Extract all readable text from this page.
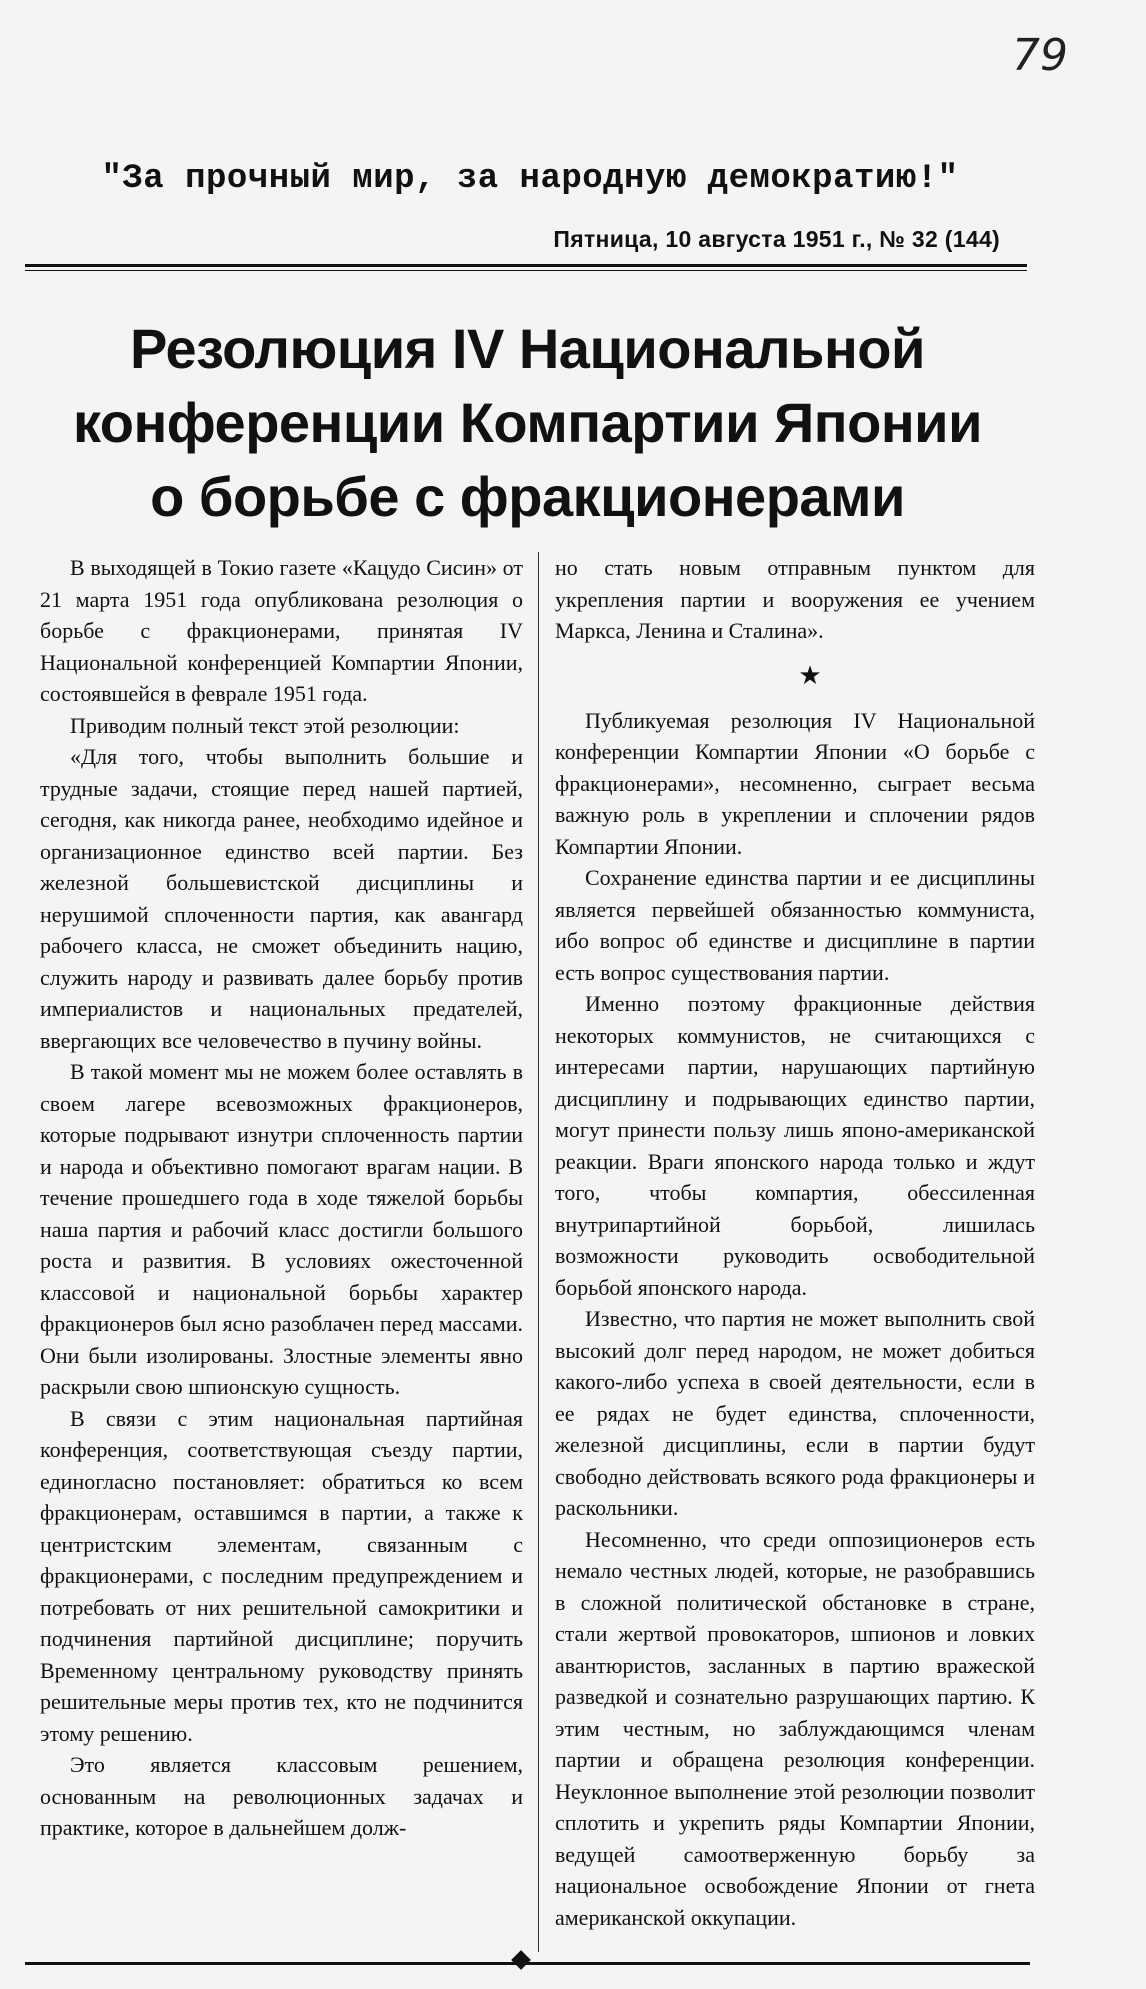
79
"За прочный мир, за народную демократию!"
Пятница, 10 августа 1951 г., № 32 (144)
Резолюция IV Национальной
конференции Компартии Японии
о борьбе с фракционерами

В выходящей в Токио газете «Кацудо Сисин» от 21 марта 1951 года опубликована резолюция о борьбе с фракционерами, принятая IV Национальной конференцией Компартии Японии, состоявшейся в феврале 1951 года.

Приводим полный текст этой резолюции:

«Для того, чтобы выполнить большие и трудные задачи, стоящие перед нашей партией, сегодня, как никогда ранее, необходимо идейное и организационное единство всей партии. Без железной большевистской дисциплины и нерушимой сплоченности партия, как авангард рабочего класса, не сможет объединить нацию, служить народу и развивать далее борьбу против империалистов и национальных предателей, ввергающих все человечество в пучину войны.

В такой момент мы не можем более оставлять в своем лагере всевозможных фракционеров, которые подрывают изнутри сплоченность партии и народа и объективно помогают врагам нации. В течение прошедшего года в ходе тяжелой борьбы наша партия и рабочий класс достигли большого роста и развития. В условиях ожесточенной классовой и национальной борьбы характер фракционеров был ясно разоблачен перед массами. Они были изолированы. Злостные элементы явно раскрыли свою шпионскую сущность.

В связи с этим национальная партийная конференция, соответствующая съезду партии, единогласно постановляет: обратиться ко всем фракционерам, оставшимся в партии, а также к центристским элементам, связанным с фракционерами, с последним предупреждением и потребовать от них решительной самокритики и подчинения партийной дисциплине; поручить Временному центральному руководству принять решительные меры против тех, кто не подчинится этому решению.

Это является классовым решением, основанным на революционных задачах и практике, которое в дальнейшем долж-

но стать новым отправным пунктом для укрепления партии и вооружения ее учением Маркса, Ленина и Сталина».

★

Публикуемая резолюция IV Национальной конференции Компартии Японии «О борьбе с фракционерами», несомненно, сыграет весьма важную роль в укреплении и сплочении рядов Компартии Японии.

Сохранение единства партии и ее дисциплины является первейшей обязанностью коммуниста, ибо вопрос об единстве и дисциплине в партии есть вопрос существования партии.

Именно поэтому фракционные действия некоторых коммунистов, не считающихся с интересами партии, нарушающих партийную дисциплину и подрывающих единство партии, могут принести пользу лишь японо-американской реакции. Враги японского народа только и ждут того, чтобы компартия, обессиленная внутрипартийной борьбой, лишилась возможности руководить освободительной борьбой японского народа.

Известно, что партия не может выполнить свой высокий долг перед народом, не может добиться какого-либо успеха в своей деятельности, если в ее рядах не будет единства, сплоченности, железной дисциплины, если в партии будут свободно действовать всякого рода фракционеры и раскольники.

Несомненно, что среди оппозиционеров есть немало честных людей, которые, не разобравшись в сложной политической обстановке в стране, стали жертвой провокаторов, шпионов и ловких авантюристов, засланных в партию вражеской разведкой и сознательно разрушающих партию. К этим честным, но заблуждающимся членам партии и обращена резолюция конференции. Неуклонное выполнение этой резолюции позволит сплотить и укрепить ряды Компартии Японии, ведущей самоотверженную борьбу за национальное освобождение Японии от гнета американской оккупации.
